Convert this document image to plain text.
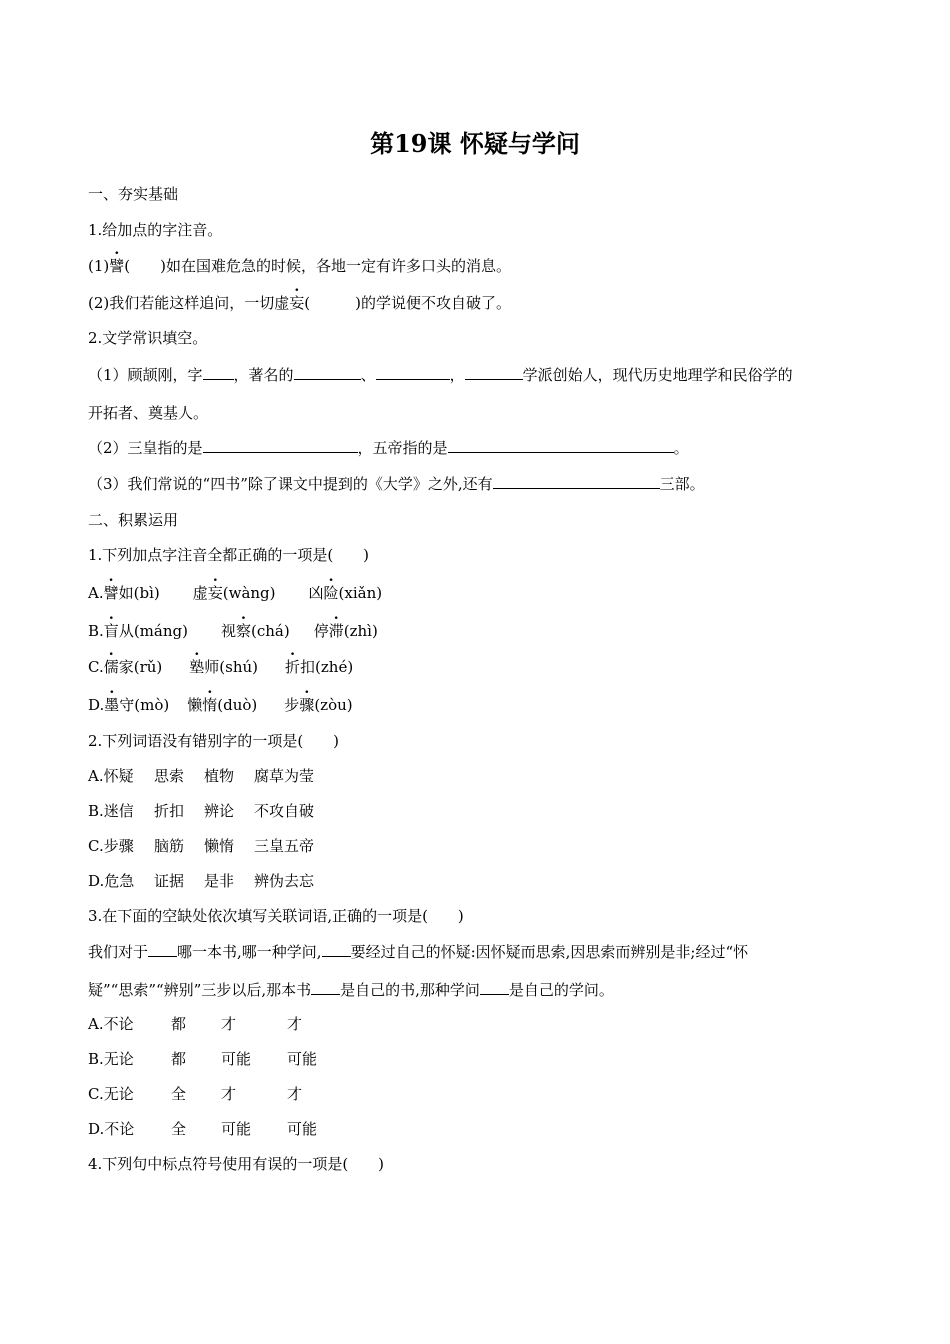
第19课 怀疑与学问
一、夯实基础
1.给加点的字注音。
(1)譬(　　)如在国难危急的时候，各地一定有许多口头的消息。
(2)我们若能这样追问，一切虚妄(　　　)的学说便不攻自破了。
2.文学常识填空。
（1）顾颉刚，字 ，著名的	、	，	学派创始人，现代历史地理学和民俗学的
开拓者、奠基人。
（2）三皇指的是	，五帝指的是	。
（3）我们常说的“四书”除了课文中提到的《大学》之外,还有	三部。
二、积累运用
1.下列加点字注音全都正确的一项是(　　)
A.譬如(bì) 虚妄(wàng) 凶险(xiǎn)
B.盲从(máng) 视察(chá) 停滞(zhì)
C.儒家(rǔ) 塾师(shú) 折扣(zhé)
D.墨守(mò) 懒惰(duò) 步骤(zòu)
2.下列词语没有错别字的一项是(　　)
A.怀疑 思索 植物 腐草为莹
B.迷信 折扣 辨论 不攻自破
C.步骤 脑筋 懒惰 三皇五帝
D.危急 证据 是非 辨伪去忘
3.在下面的空缺处依次填写关联词语,正确的一项是(　　)
我们对于 哪一本书,哪一种学问, 要经过自己的怀疑:因怀疑而思索,因思索而辨别是非;经过“怀
疑”“思索”“辨别”三步以后,那本书 是自己的书,那种学问 是自己的学问。
A.不论 都 才	才
B.无论 都 可能 可能
C.无论 全 才	才
D.不论 全 可能 可能
4.下列句中标点符号使用有误的一项是(　　)
